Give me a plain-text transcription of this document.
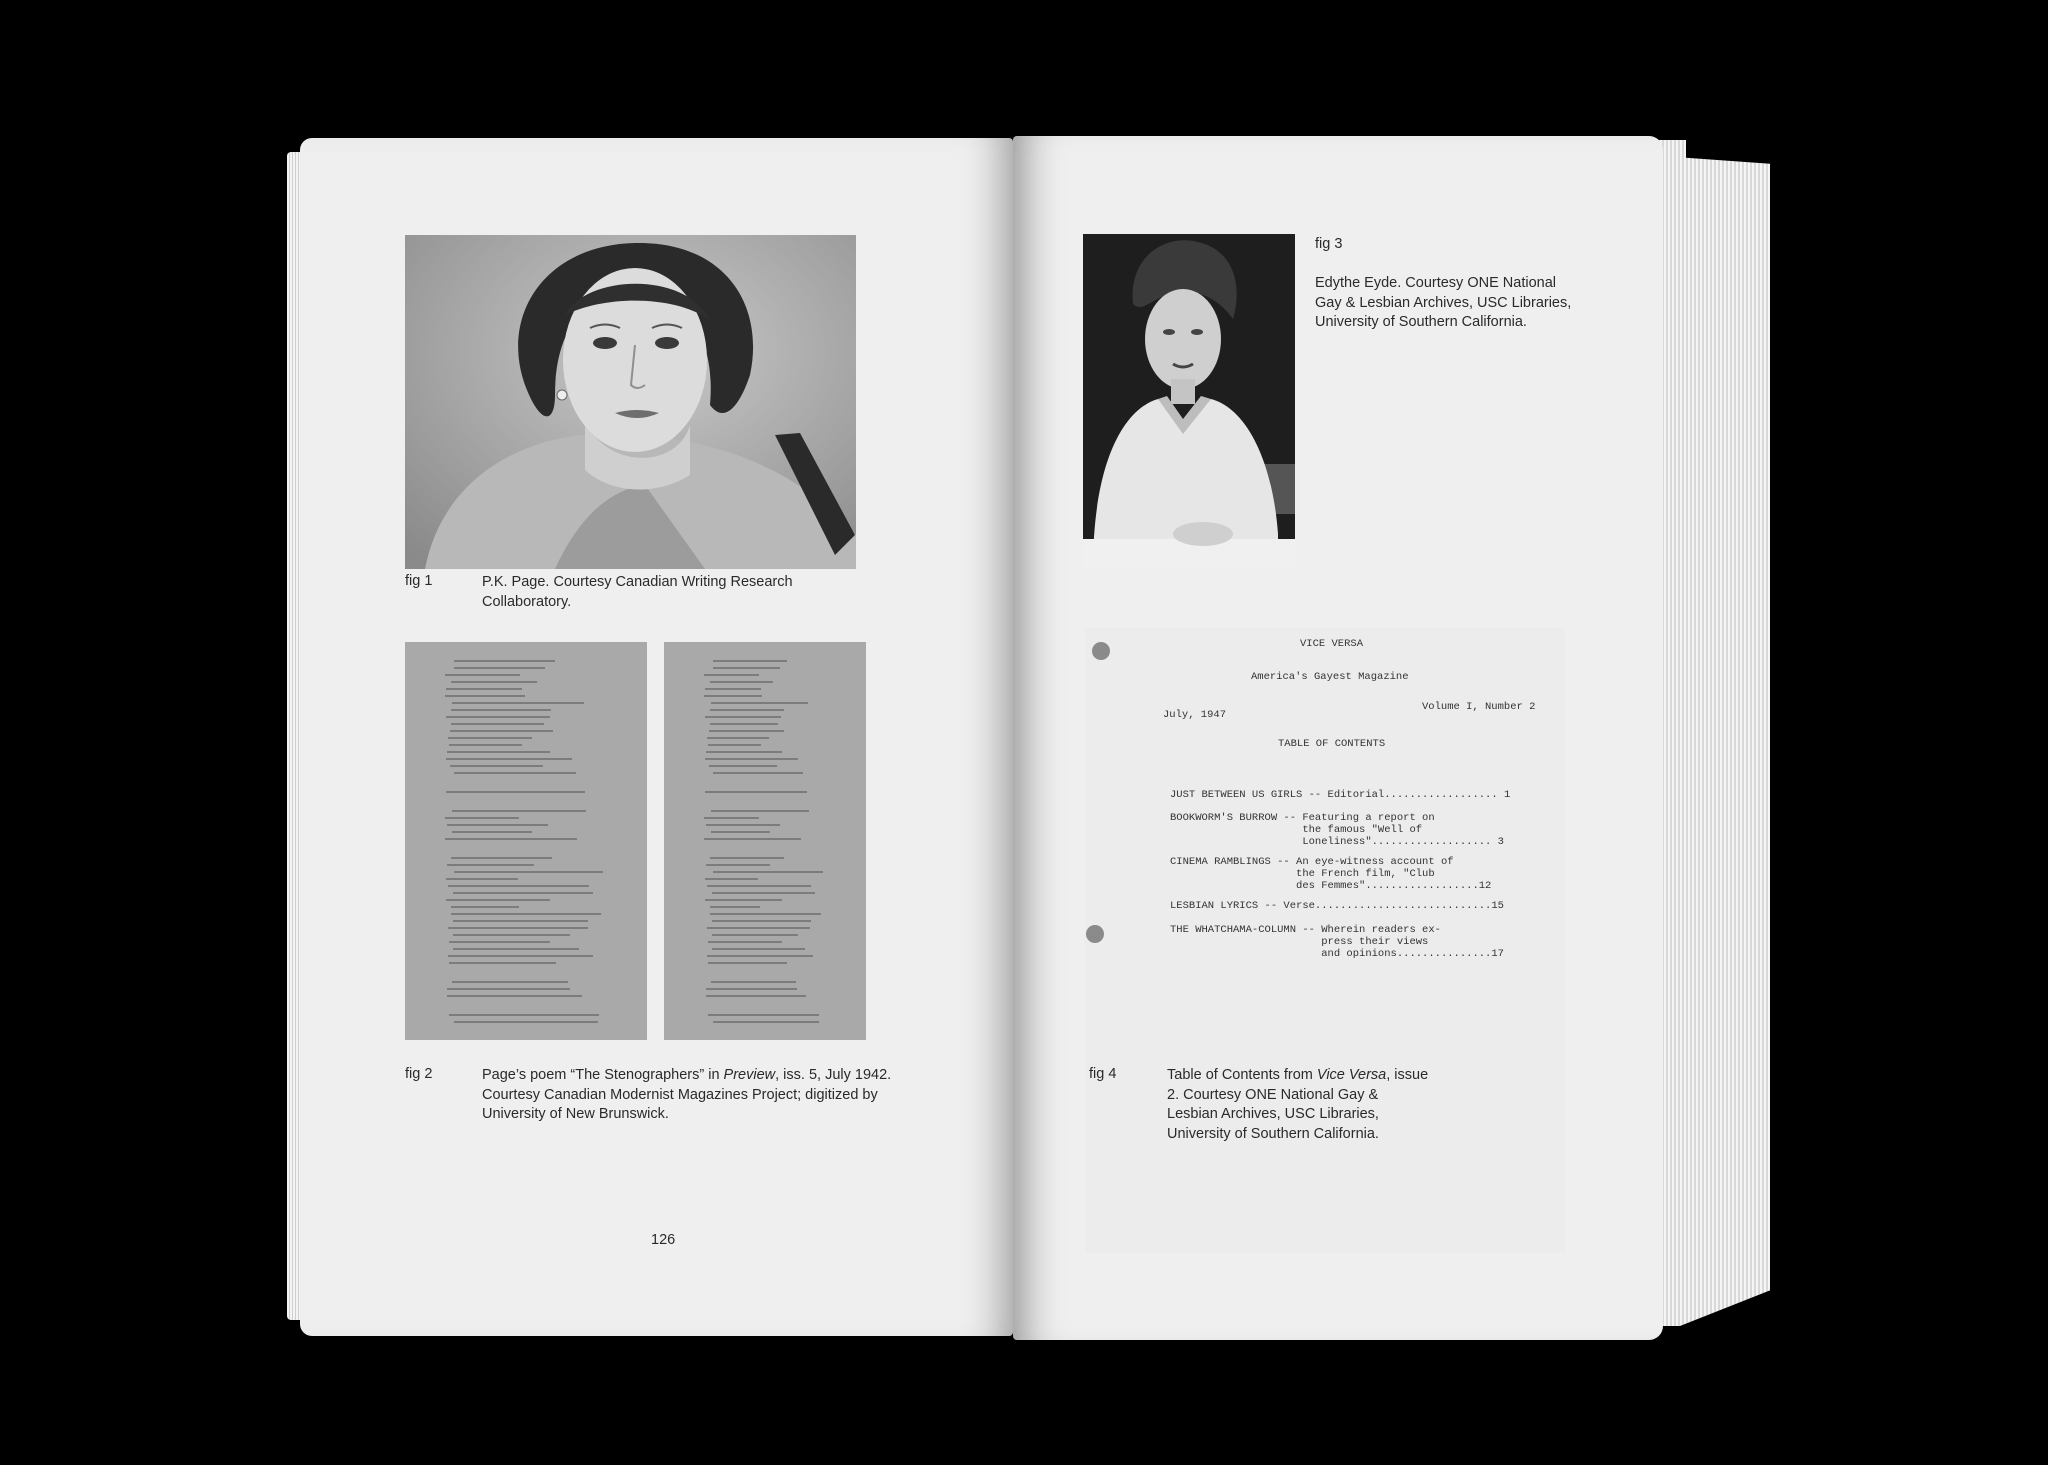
fig 1	P.K. Page. Courtesy Canadian Writing Research Collaboratory.
fig 2	Page’s poem “The Stenographers” in Preview, iss. 5, July 1942. Courtesy Canadian Modernist Magazines Project; digitized by University of New Brunswick.
126
fig 3
Edythe Eyde. Courtesy ONE National Gay & Lesbian Archives, USC Libraries, University of Southern California.
VICE VERSA
America's Gayest Magazine
July, 1947
Volume I, Number 2
TABLE OF CONTENTS
JUST BETWEEN US GIRLS -- Editorial.................. 1
BOOKWORM'S BURROW -- Featuring a report on
the famous "Well of
Loneliness"................... 3
CINEMA RAMBLINGS -- An eye-witness account of
the French film, "Club
des Femmes"..................12
LESBIAN LYRICS -- Verse............................15
THE WHATCHAMA-COLUMN -- Wherein readers ex-
press their views
and opinions...............17
fig 4	Table of Contents from Vice Versa, issue 2. Courtesy ONE National Gay & Lesbian Archives, USC Libraries, University of Southern California.
